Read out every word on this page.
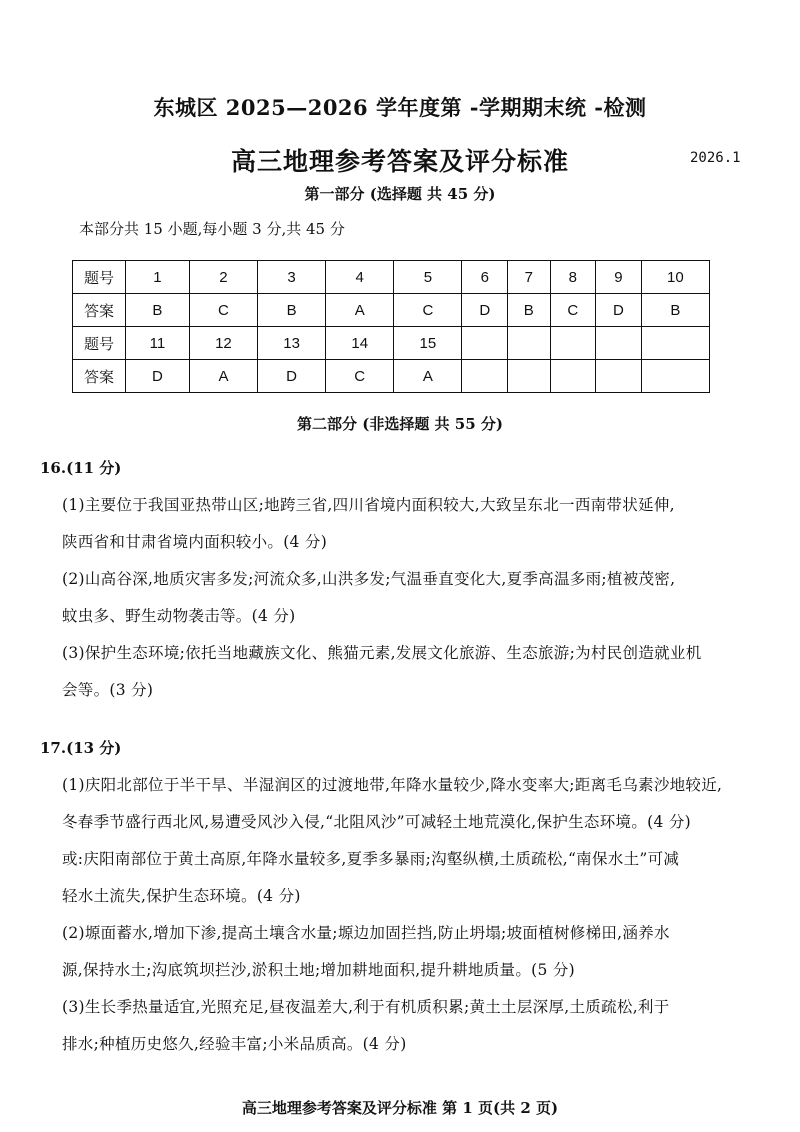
东城区 2025—2026 学年度第 -学期期末统 -检测
高三地理参考答案及评分标准	2026.1
第一部分 (选择题 共 45 分)
本部分共 15 小题,每小题 3 分,共 45 分
题号	1	2	3	4	5	6	7	8	9	10
答案	B	C	B	A	C	D	B	C	D	B
题号	11	12	13	14	15					
答案	D	A	D	C	A					
第二部分 (非选择题 共 55 分)
16.(11 分)
(1)主要位于我国亚热带山区;地跨三省,四川省境内面积较大,大致呈东北一西南带状延伸,
陕西省和甘肃省境内面积较小。(4 分)
(2)山高谷深,地质灾害多发;河流众多,山洪多发;气温垂直变化大,夏季高温多雨;植被茂密,
蚊虫多、野生动物袭击等。(4 分)
(3)保护生态环境;依托当地藏族文化、熊猫元素,发展文化旅游、生态旅游;为村民创造就业机
会等。(3 分)
17.(13 分)
(1)庆阳北部位于半干旱、半湿润区的过渡地带,年降水量较少,降水变率大;距离毛乌素沙地较近,
冬春季节盛行西北风,易遭受风沙入侵,“北阻风沙”可减轻土地荒漠化,保护生态环境。(4 分)
或:庆阳南部位于黄土高原,年降水量较多,夏季多暴雨;沟壑纵横,土质疏松,“南保水土”可减
轻水土流失,保护生态环境。(4 分)
(2)塬面蓄水,增加下渗,提高土壤含水量;塬边加固拦挡,防止坍塌;坡面植树修梯田,涵养水
源,保持水土;沟底筑坝拦沙,淤积土地;增加耕地面积,提升耕地质量。(5 分)
(3)生长季热量适宜,光照充足,昼夜温差大,利于有机质积累;黄土土层深厚,土质疏松,利于
排水;种植历史悠久,经验丰富;小米品质高。(4 分)
高三地理参考答案及评分标准 第 1 页(共 2 页)
